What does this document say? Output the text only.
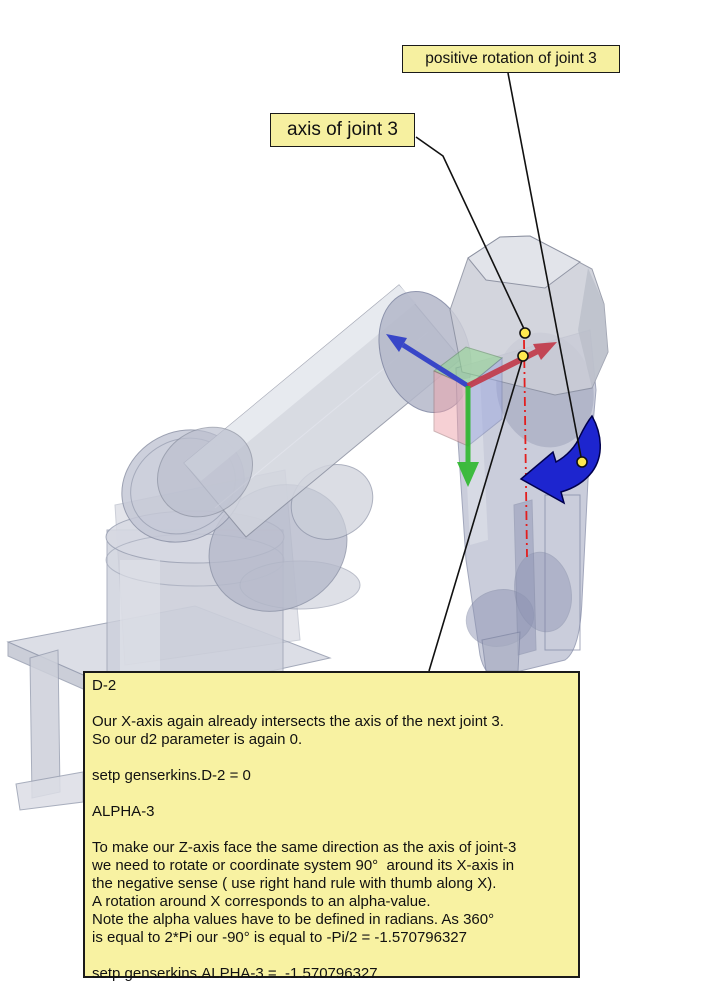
positive rotation of joint 3
axis of joint 3
D-2
Our X-axis again already intersects the axis of the next joint 3.
So our d2 parameter is again 0.
setp genserkins.D-2 = 0
ALPHA-3
To make our Z-axis face the same direction as the axis of joint-3
we need to rotate or coordinate system 90°  around its X-axis in
the negative sense ( use right hand rule with thumb along X).
A rotation around X corresponds to an alpha-value.
Note the alpha values have to be defined in radians. As 360°
is equal to 2*Pi our -90° is equal to -Pi/2 = -1.570796327
setp genserkins.ALPHA-3 =  -1.570796327
